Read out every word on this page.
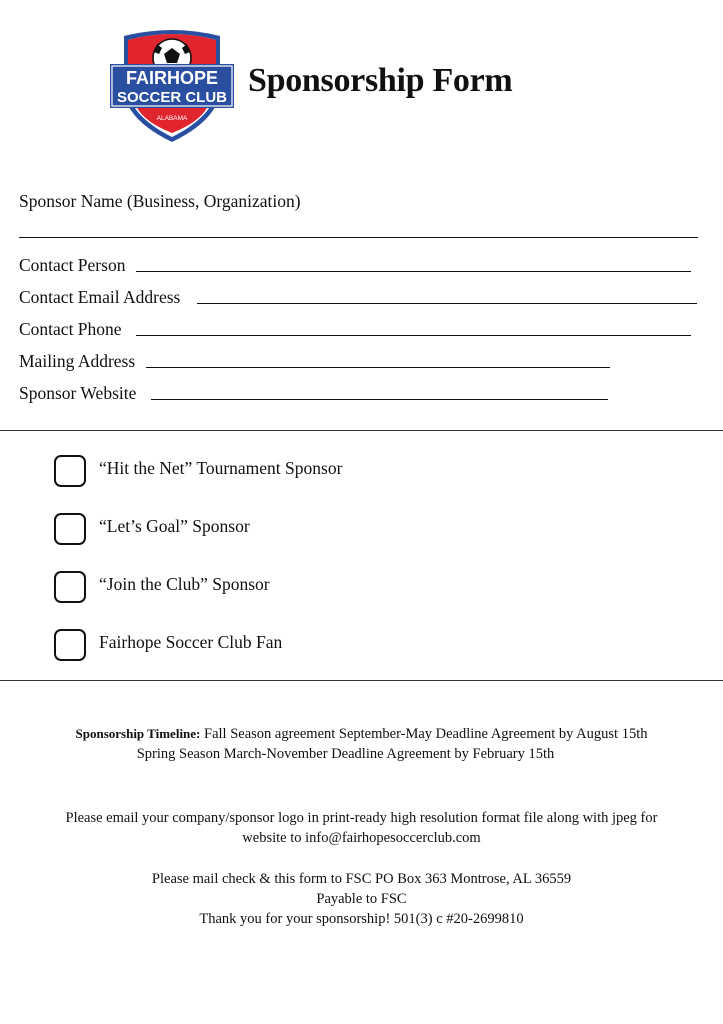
FAIRHOPE
SOCCER CLUB
ALABAMA
Sponsorship Form
Sponsor Name (Business, Organization)
Contact Person
Contact Email Address
Contact Phone
Mailing Address
Sponsor Website
“Hit the Net” Tournament Sponsor
“Let’s Goal” Sponsor
“Join the Club” Sponsor
Fairhope Soccer Club Fan
Sponsorship Timeline: Fall Season agreement September-May Deadline Agreement by August 15th
Spring Season March-November Deadline Agreement by February 15th
Please email your company/sponsor logo in print-ready high resolution format file along with jpeg for
website to info@fairhopesoccerclub.com
Please mail check & this form to FSC PO Box 363 Montrose, AL 36559
Payable to FSC
Thank you for your sponsorship! 501(3) c #20-2699810
